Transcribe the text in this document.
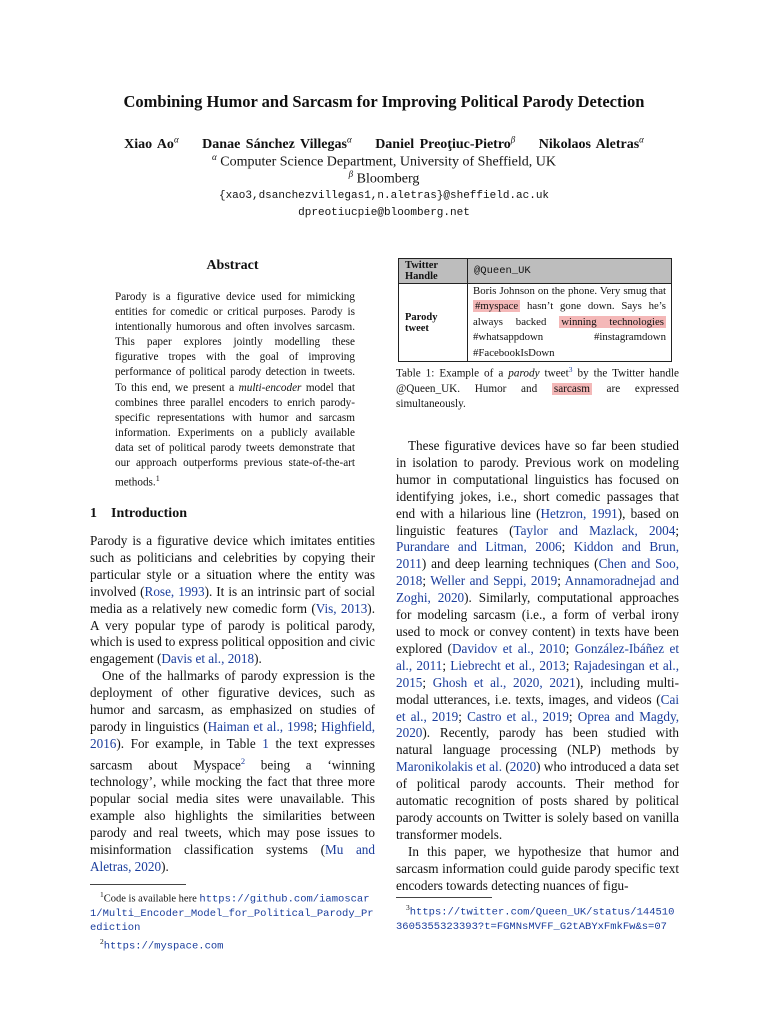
Combining Humor and Sarcasm for Improving Political Parody Detection
Xiao $Ao^\alpha$ Danae Sánchez Villegas$^\alpha$ Daniel Preoţiuc-Pietro$^\beta$ Nikolaos Aletras$^\alpha$
$^\alpha$ Computer Science Department, University of Sheffield, UK
$^\beta$ Bloomberg
{xao3,dsanchezvillegas1,n.aletras}@sheffield.ac.uk
dpreotiucpie@bloomberg.net
Abstract
Parody is a figurative device used for mimicking entities for comedic or critical purposes. Parody is intentionally humorous and often involves sarcasm. This paper explores jointly modelling these figurative tropes with the goal of improving performance of political parody detection in tweets. To this end, we present a multi-encoder model that combines three parallel encoders to enrich parody-specific representations with humor and sarcasm information. Experiments on a publicly available data set of political parody tweets demonstrate that our approach outperforms previous state-of-the-art methods.$^1$
1 Introduction

Parody is a figurative device which imitates entities such as politicians and celebrities by copying their particular style or a situation where the entity was involved (Rose, 1993). It is an intrinsic part of social media as a relatively new comedic form (Vis, 2013). A very popular type of parody is political parody, which is used to express political opposition and civic engagement (Davis et al., 2018).

One of the hallmarks of parody expression is the deployment of other figurative devices, such as humor and sarcasm, as emphasized on studies of parody in linguistics (Haiman et al., 1998; Highfield, 2016). For example, in Table 1 the text expresses sarcasm about Myspace$^2$ being a ‘winning technology’, while mocking the fact that three more popular social media sites were unavailable. This example also highlights the similarities between parody and real tweets, which may pose issues to misinformation classification systems (Mu and Aletras, 2020).

$^1$Code is available here https://github.com/iamoscar1/Multi_Encoder_Model_for_Political_Parody_Prediction

$^2$https://myspace.com

Twitter Handle	@Queen_UK
Parody tweet	Boris Johnson on the phone. Very smug that #myspace hasn’t gone down. Says he’s always backed winning technologies #whatsappdown #instagramdown #FacebookIsDown
Table 1: Example of a parody tweet$^3$ by the Twitter handle @Queen_UK. Humor and sarcasm are expressed simultaneously.

These figurative devices have so far been studied in isolation to parody. Previous work on modeling humor in computational linguistics has focused on identifying jokes, i.e., short comedic passages that end with a hilarious line (Hetzron, 1991), based on linguistic features (Taylor and Mazlack, 2004; Purandare and Litman, 2006; Kiddon and Brun, 2011) and deep learning techniques (Chen and Soo, 2018; Weller and Seppi, 2019; Annamoradnejad and Zoghi, 2020). Similarly, computational approaches for modeling sarcasm (i.e., a form of verbal irony used to mock or convey content) in texts have been explored (Davidov et al., 2010; González-Ibáñez et al., 2011; Liebrecht et al., 2013; Rajadesingan et al., 2015; Ghosh et al., 2020, 2021), including multi-modal utterances, i.e. texts, images, and videos (Cai et al., 2019; Castro et al., 2019; Oprea and Magdy, 2020). Recently, parody has been studied with natural language processing (NLP) methods by Maronikolakis et al. (2020) who introduced a data set of political parody accounts. Their method for automatic recognition of posts shared by political parody accounts on Twitter is solely based on vanilla transformer models.

In this paper, we hypothesize that humor and sarcasm information could guide parody specific text encoders towards detecting nuances of figu-

$^3$https://twitter.com/Queen_UK/status/1445103605355323393?t=FGMNsMVFF_G2tABYxFmkFw&s=07
